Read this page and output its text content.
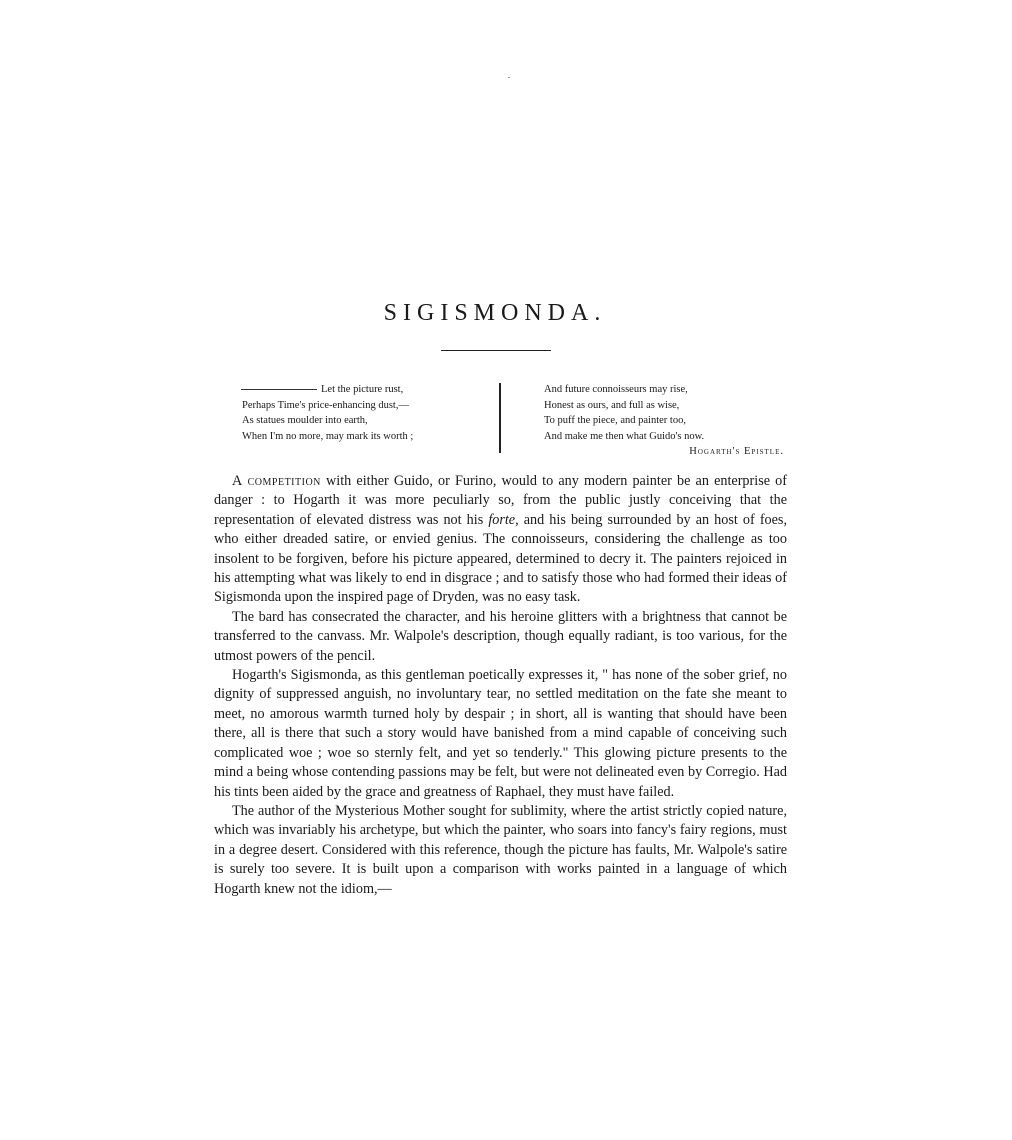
SIGISMONDA.
Let the picture rust,
Perhaps Time's price-enhancing dust,—
As statues moulder into earth,
When I'm no more, may mark its worth ;
And future connoisseurs may rise,
Honest as ours, and full as wise,
To puff the piece, and painter too,
And make me then what Guido's now.
Hogarth's Epistle.

A competition with either Guido, or Furino, would to any modern painter be an enterprise of danger : to Hogarth it was more peculiarly so, from the public justly conceiving that the representation of elevated distress was not his forte, and his being surrounded by an host of foes, who either dreaded satire, or envied genius. The connoisseurs, considering the challenge as too insolent to be forgiven, before his picture appeared, determined to decry it. The painters rejoiced in his attempting what was likely to end in disgrace ; and to satisfy those who had formed their ideas of Sigismonda upon the inspired page of Dryden, was no easy task.

The bard has consecrated the character, and his heroine glitters with a brightness that cannot be transferred to the canvass. Mr. Walpole's description, though equally radiant, is too various, for the utmost powers of the pencil.

Hogarth's Sigismonda, as this gentleman poetically expresses it, " has none of the sober grief, no dignity of suppressed anguish, no involuntary tear, no settled meditation on the fate she meant to meet, no amorous warmth turned holy by despair ; in short, all is wanting that should have been there, all is there that such a story would have banished from a mind capable of conceiving such complicated woe ; woe so sternly felt, and yet so tenderly." This glowing picture presents to the mind a being whose contending passions may be felt, but were not delineated even by Corregio. Had his tints been aided by the grace and greatness of Raphael, they must have failed.

The author of the Mysterious Mother sought for sublimity, where the artist strictly copied nature, which was invariably his archetype, but which the painter, who soars into fancy's fairy regions, must in a degree desert. Considered with this reference, though the picture has faults, Mr. Walpole's satire is surely too severe. It is built upon a comparison with works painted in a language of which Hogarth knew not the idiom,—
